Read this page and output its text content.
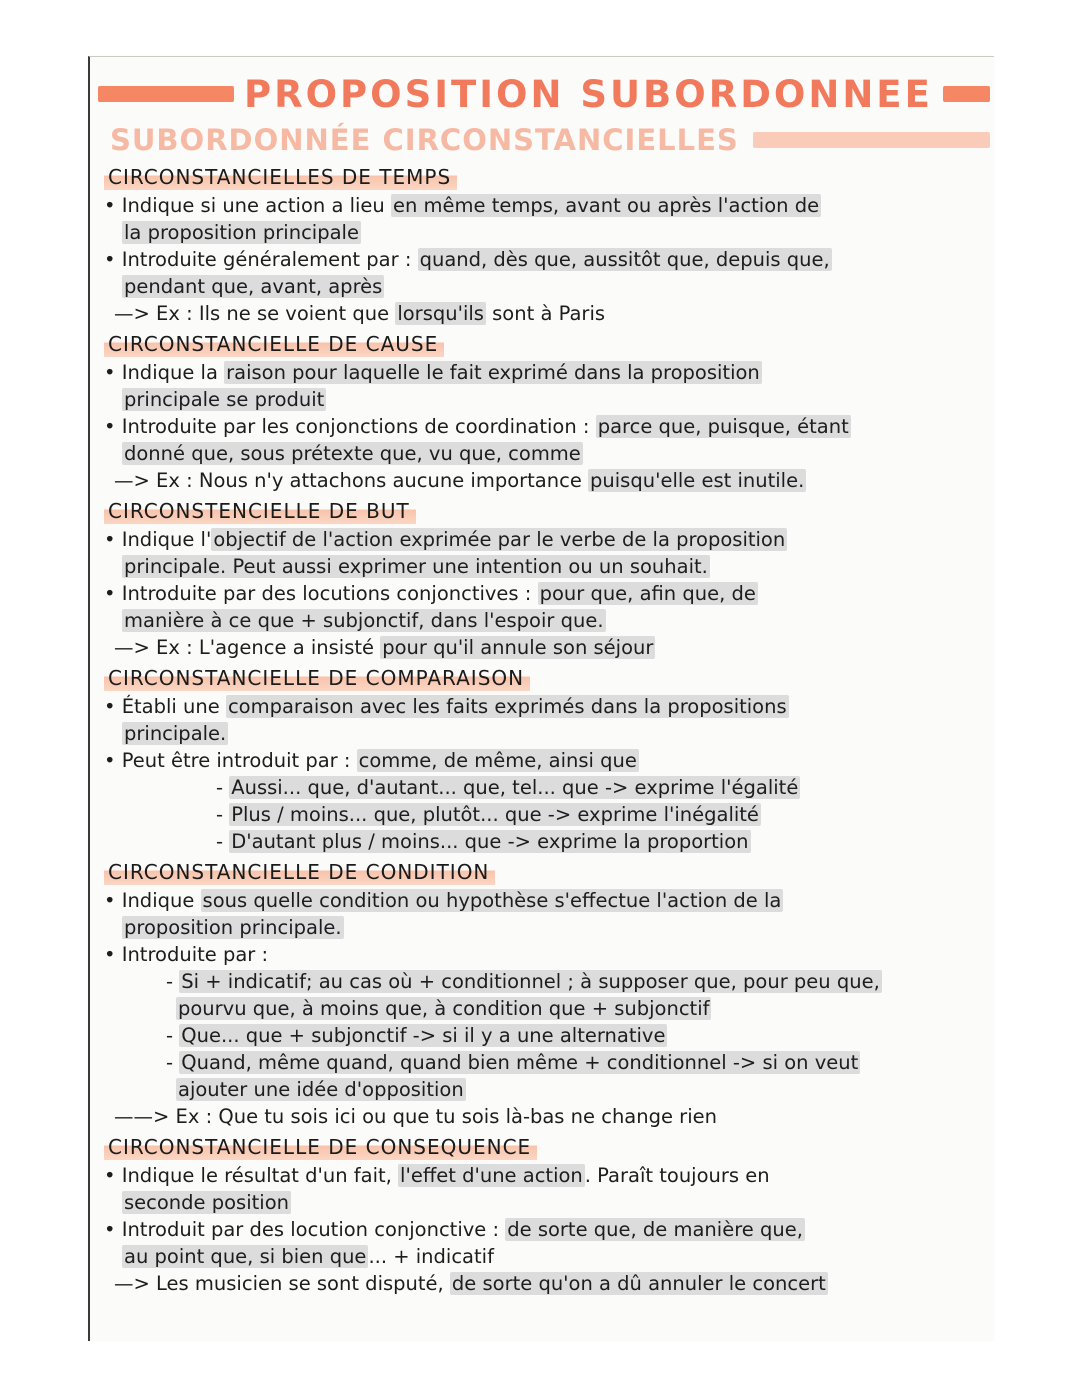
PROPOSITION SUBORDONNEE
SUBORDONNÉE CIRCONSTANCIELLES
CIRCONSTANCIELLES DE TEMPS
• Indique si une action a lieu en même temps, avant ou après l'action de
la proposition principale
• Introduite généralement par : quand, dès que, aussitôt que, depuis que,
pendant que, avant, après
—> Ex : Ils ne se voient que lorsqu'ils sont à Paris
CIRCONSTANCIELLE DE CAUSE
• Indique la raison pour laquelle le fait exprimé dans la proposition
principale se produit
• Introduite par les conjonctions de coordination : parce que, puisque, étant
donné que, sous prétexte que, vu que, comme
—> Ex : Nous n'y attachons aucune importance puisqu'elle est inutile.
CIRCONSTENCIELLE DE BUT
• Indique l' objectif de l'action exprimée par le verbe de la proposition
principale. Peut aussi exprimer une intention ou un souhait.
• Introduite par des locutions conjonctives : pour que, afin que, de
manière à ce que + subjonctif, dans l'espoir que.
—> Ex : L'agence a insisté pour qu'il annule son séjour
CIRCONSTANCIELLE DE COMPARAISON
• Établi une comparaison avec les faits exprimés dans la propositions
principale.
• Peut être introduit par : comme, de même, ainsi que
- Aussi... que, d'autant... que, tel... que -> exprime l'égalité
- Plus / moins... que, plutôt... que -> exprime l'inégalité
- D'autant plus / moins... que -> exprime la proportion
CIRCONSTANCIELLE DE CONDITION
• Indique sous quelle condition ou hypothèse s'effectue l'action de la
proposition principale.
• Introduite par :
- Si + indicatif; au cas où + conditionnel ; à supposer que, pour peu que,
pourvu que, à moins que, à condition que + subjonctif
- Que... que + subjonctif -> si il y a une alternative
- Quand, même quand, quand bien même + conditionnel -> si on veut
ajouter une idée d'opposition
——> Ex : Que tu sois ici ou que tu sois là-bas ne change rien
CIRCONSTANCIELLE DE CONSEQUENCE
• Indique le résultat d'un fait, l'effet d'une action . Paraît toujours en
seconde position
• Introduit par des locution conjonctive : de sorte que, de manière que,
au point que, si bien que ... + indicatif
—> Les musicien se sont disputé, de sorte qu'on a dû annuler le concert
